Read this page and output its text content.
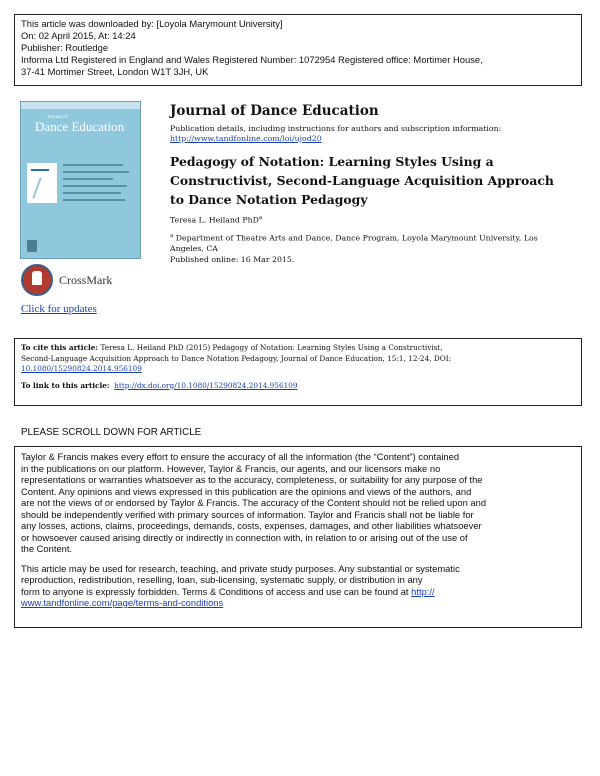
This article was downloaded by: [Loyola Marymount University]
On: 02 April 2015, At: 14:24
Publisher: Routledge
Informa Ltd Registered in England and Wales Registered Number: 1072954 Registered office: Mortimer House,
37-41 Mortimer Street, London W1T 3JH, UK
Journal of
Dance Education
CrossMark
Click for updates
Journal of Dance Education
Publication details, including instructions for authors and subscription information:
http://www.tandfonline.com/loi/ujod20
Pedagogy of Notation: Learning Styles Using a
Constructivist, Second-Language Acquisition Approach
to Dance Notation Pedagogy
Teresa L. Heiland PhD$^a$
$^a$ Department of Theatre Arts and Dance, Dance Program, Loyola Marymount University, Los
Angeles, CA
Published online: 16 Mar 2015.
To cite this article: Teresa L. Heiland PhD (2015) Pedagogy of Notation: Learning Styles Using a Constructivist,
Second-Language Acquisition Approach to Dance Notation Pedagogy, Journal of Dance Education, 15:1, 12-24, DOI:
10.1080/15290824.2014.956109
To link to this article: http://dx.doi.org/10.1080/15290824.2014.956109
PLEASE SCROLL DOWN FOR ARTICLE

Taylor & Francis makes every effort to ensure the accuracy of all the information (the “Content”) contained
in the publications on our platform. However, Taylor & Francis, our agents, and our licensors make no
representations or warranties whatsoever as to the accuracy, completeness, or suitability for any purpose of the
Content. Any opinions and views expressed in this publication are the opinions and views of the authors, and
are not the views of or endorsed by Taylor & Francis. The accuracy of the Content should not be relied upon and
should be independently verified with primary sources of information. Taylor and Francis shall not be liable for
any losses, actions, claims, proceedings, demands, costs, expenses, damages, and other liabilities whatsoever
or howsoever caused arising directly or indirectly in connection with, in relation to or arising out of the use of
the Content.

This article may be used for research, teaching, and private study purposes. Any substantial or systematic
reproduction, redistribution, reselling, loan, sub-licensing, systematic supply, or distribution in any
form to anyone is expressly forbidden. Terms & Conditions of access and use can be found at http://
www.tandfonline.com/page/terms-and-conditions
